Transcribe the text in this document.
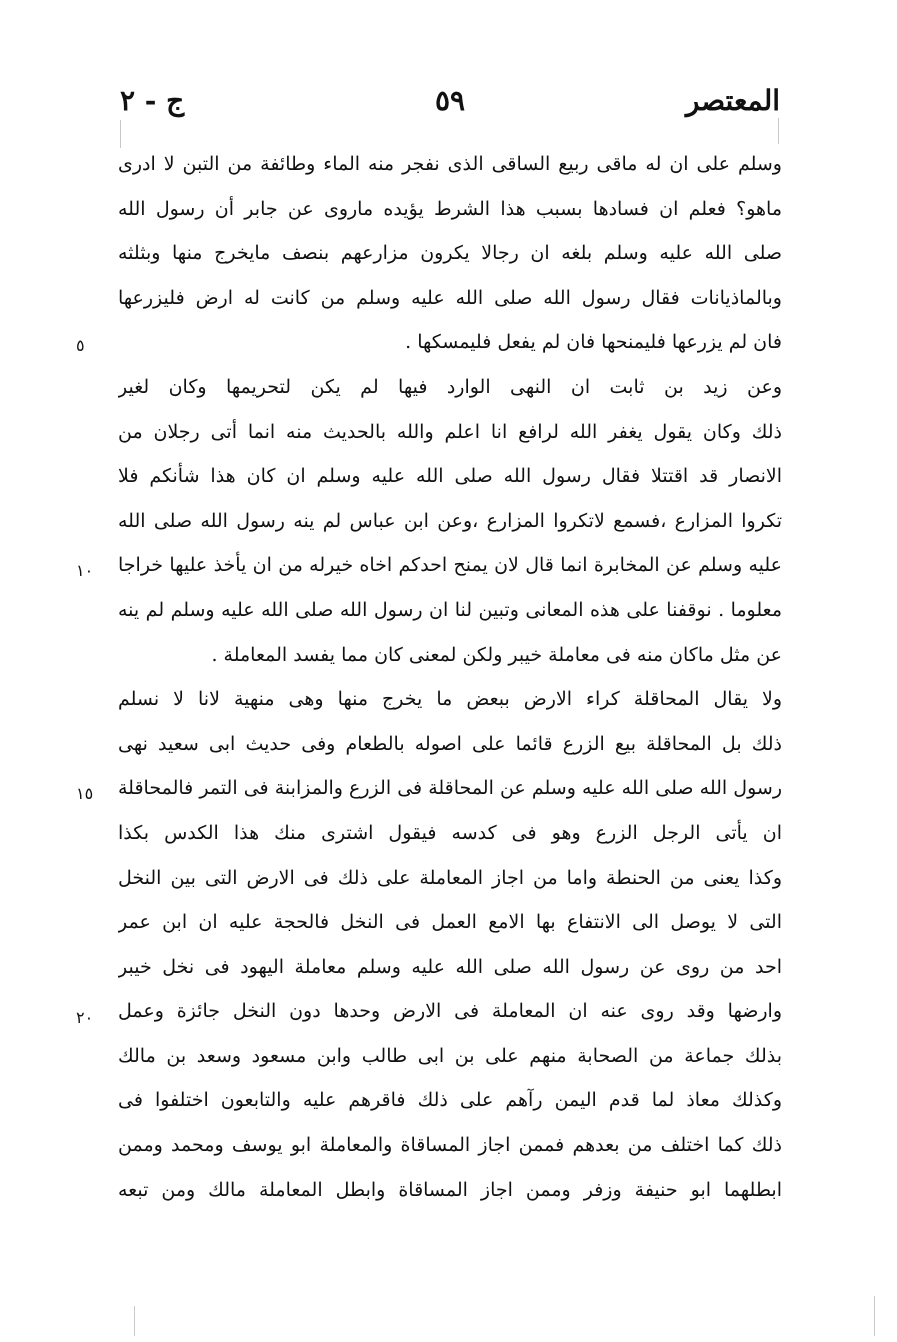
المعتصر
٥٩
ج - ٢
وسلم على ان له ماقى ربيع الساقى الذى نفجر منه الماء وطائفة من التبن لا ادرى
ماهو؟ فعلم ان فسادها بسبب هذا الشرط يؤيده ماروى عن جابر أن رسول الله
صلى الله عليه وسلم بلغه ان رجالا يكرون مزارعهم بنصف مايخرج منها وبثلثه
وبالماذيانات فقال رسول الله صلى الله عليه وسلم من كانت له ارض فليزرعها
فان لم يزرعها فليمنحها فان لم يفعل فليمسكها .
وعن زيد بن ثابت ان النهى الوارد فيها لم يكن لتحريمها وكان لغير
ذلك وكان يقول يغفر الله لرافع انا اعلم والله بالحديث منه انما أتى رجلان من
الانصار قد اقتتلا فقال رسول الله صلى الله عليه وسلم ان كان هذا شأنكم فلا
تكروا المزارع ،فسمع لاتكروا المزارع ،وعن ابن عباس لم ينه رسول الله صلى الله
عليه وسلم عن المخابرة انما قال لان يمنح احدكم اخاه خيرله من ان يأخذ عليها خراجا
معلوما . نوقفنا على هذه المعانى وتبين لنا ان رسول الله صلى الله عليه وسلم لم ينه
عن مثل ماكان منه فى معاملة خيبر ولكن لمعنى كان مما يفسد المعاملة .
ولا يقال المحاقلة كراء الارض ببعض ما يخرج منها وهى منهية لانا لا نسلم
ذلك بل المحاقلة بيع الزرع قائما على اصوله بالطعام وفى حديث ابى سعيد نهى
رسول الله صلى الله عليه وسلم عن المحاقلة فى الزرع والمزابنة فى التمر فالمحاقلة
ان يأتى الرجل الزرع وهو فى كدسه فيقول اشترى منك هذا الكدس بكذا
وكذا يعنى من الحنطة واما من اجاز المعاملة على ذلك فى الارض التى بين النخل
التى لا يوصل الى الانتفاع بها الامع العمل فى النخل فالحجة عليه ان ابن عمر
احد من روى عن رسول الله صلى الله عليه وسلم معاملة اليهود فى نخل خيبر
وارضها وقد روى عنه ان المعاملة فى الارض وحدها دون النخل جائزة وعمل
بذلك جماعة من الصحابة منهم على بن ابى طالب وابن مسعود وسعد بن مالك
وكذلك معاذ لما قدم اليمن رآهم على ذلك فاقرهم عليه والتابعون اختلفوا فى
ذلك كما اختلف من بعدهم فممن اجاز المساقاة والمعاملة ابو يوسف ومحمد وممن
ابطلهما ابو حنيفة وزفر وممن اجاز المساقاة وابطل المعاملة مالك ومن تبعه
٥
١٠
١٥
٢٠
